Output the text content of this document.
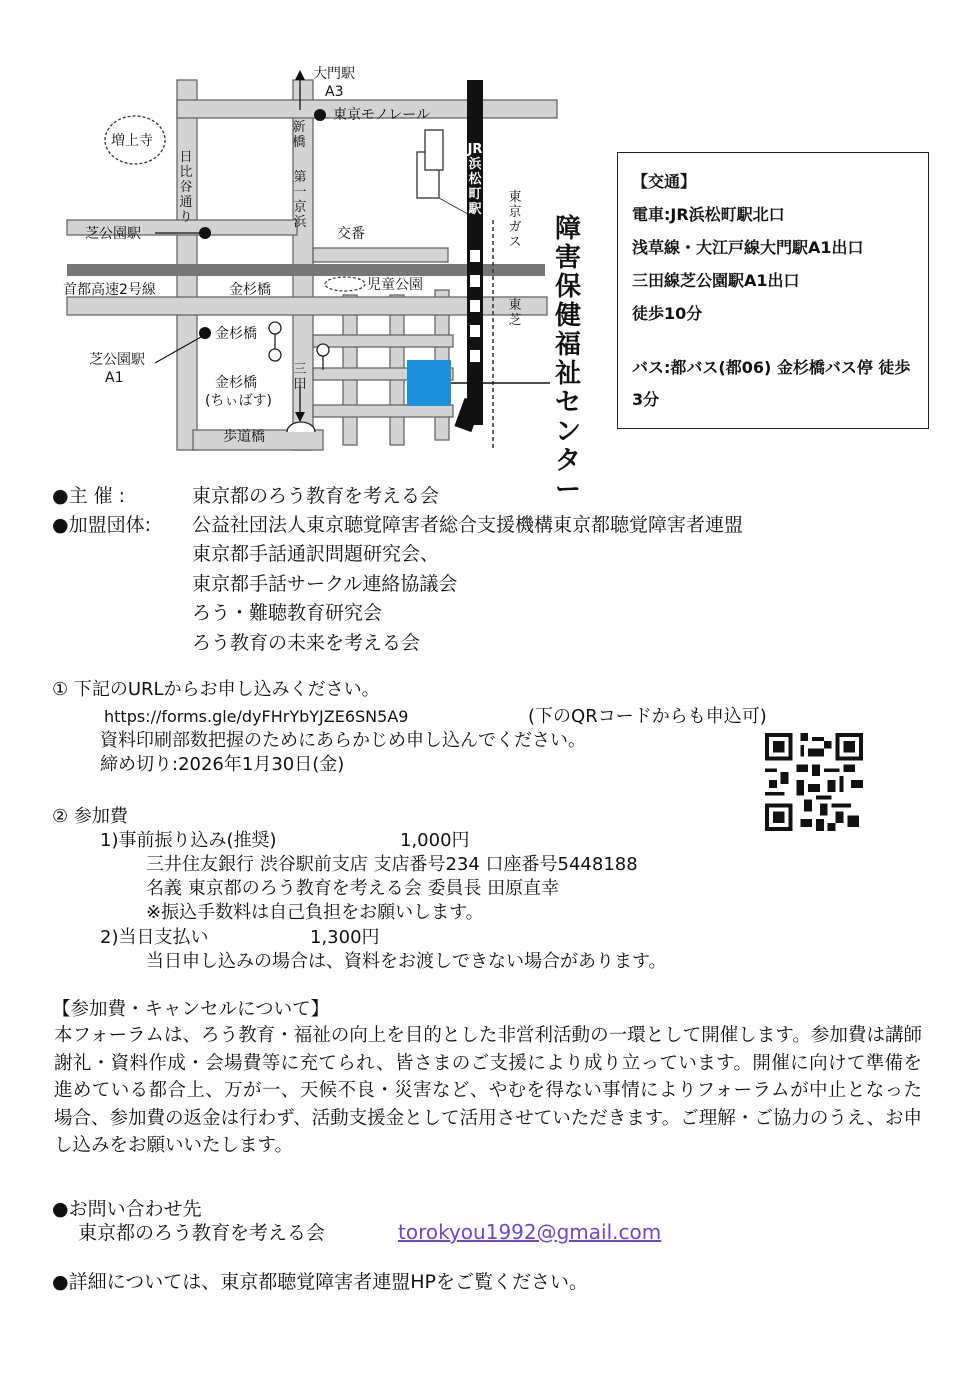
大門駅
A3
新橋
東京モノレール
増上寺
日比谷通り
第一京浜
芝公園駅	交番
児童公園
首都高速2号線	金杉橋
金杉橋
芝公園駅
A1	金杉橋
(ちぃばす)
三田
歩道橋
JR浜松町駅
東京ガス
東芝
障害保健福祉センター
【交通】
電車:JR浜松町駅北口
浅草線・大江戸線大門駅A1出口
三田線芝公園駅A1出口
徒歩10分
バス:都バス(都06) 金杉橋バス停 徒歩3分
●主 催 :	東京都のろう教育を考える会
●加盟団体: 公益社団法人東京聴覚障害者総合支援機構東京都聴覚障害者連盟
東京都手話通訳問題研究会、
東京都手話サークル連絡協議会
ろう・難聴教育研究会
ろう教育の未来を考える会
① 下記のURLからお申し込みください。
https://forms.gle/dyFHrYbYJZE6SN5A9	(下のQRコードからも申込可)
資料印刷部数把握のためにあらかじめ申し込んでください。
締め切り:2026年1月30日(金)
② 参加費
1)事前振り込み(推奨)	1,000円
三井住友銀行 渋谷駅前支店 支店番号234 口座番号5448188
名義 東京都のろう教育を考える会 委員長 田原直幸
※振込手数料は自己負担をお願いします。
2)当日支払い	1,300円
当日申し込みの場合は、資料をお渡しできない場合があります。
【参加費・キャンセルについて】
本フォーラムは、ろう教育・福祉の向上を目的とした非営利活動の一環として開催します。参加費は講師謝礼・資料作成・会場費等に充てられ、皆さまのご支援により成り立っています。開催に向けて準備を進めている都合上、万が一、天候不良・災害など、やむを得ない事情によりフォーラムが中止となった場合、参加費の返金は行わず、活動支援金として活用させていただきます。ご理解・ご協力のうえ、お申し込みをお願いいたします。
●お問い合わせ先
東京都のろう教育を考える会	torokyou1992@gmail.com
●詳細については、東京都聴覚障害者連盟HPをご覧ください。
